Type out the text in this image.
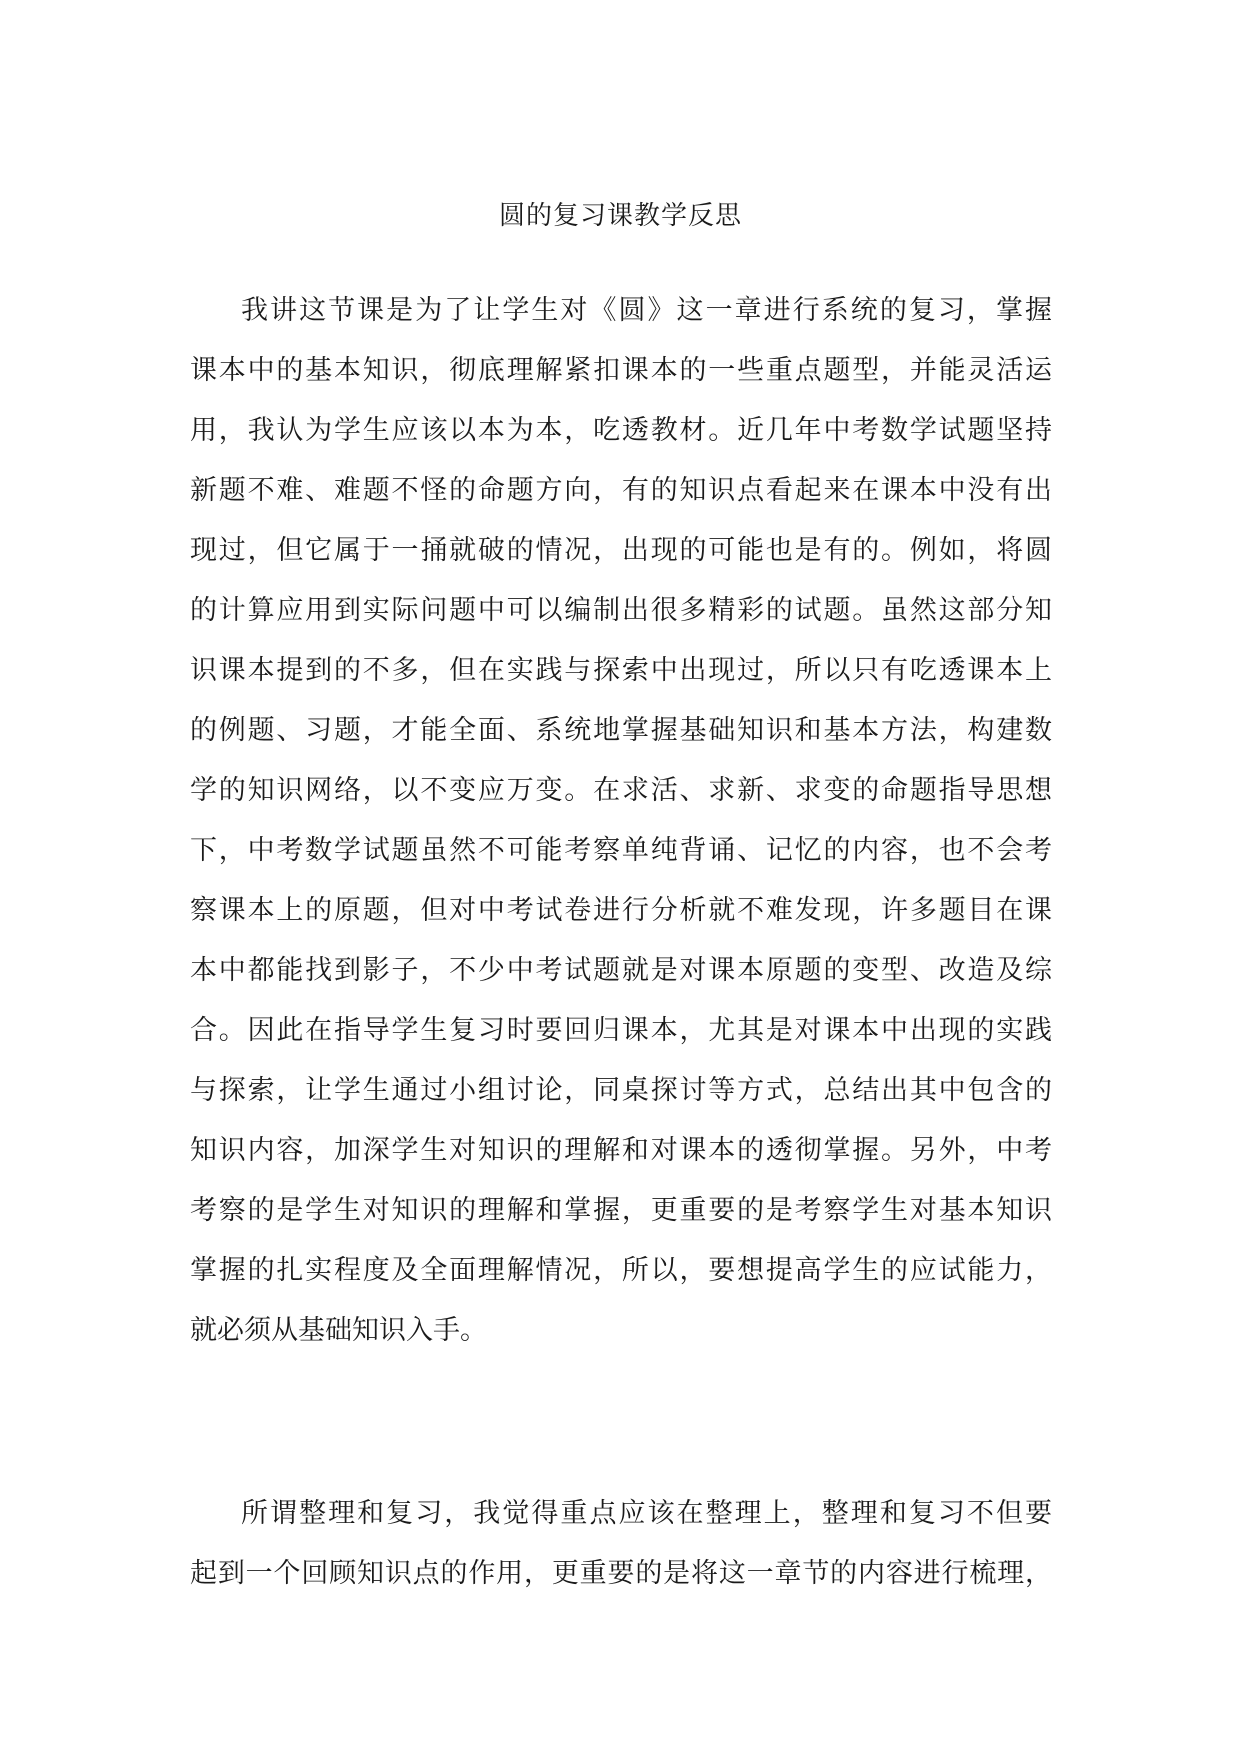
圆的复习课教学反思
我讲这节课是为了让学生对《圆》这一章进行系统的复习，掌握
课本中的基本知识，彻底理解紧扣课本的一些重点题型，并能灵活运
用，我认为学生应该以本为本，吃透教材。近几年中考数学试题坚持
新题不难、难题不怪的命题方向，有的知识点看起来在课本中没有出
现过，但它属于一捅就破的情况，出现的可能也是有的。例如，将圆
的计算应用到实际问题中可以编制出很多精彩的试题。虽然这部分知
识课本提到的不多，但在实践与探索中出现过，所以只有吃透课本上
的例题、习题，才能全面、系统地掌握基础知识和基本方法，构建数
学的知识网络，以不变应万变。在求活、求新、求变的命题指导思想
下，中考数学试题虽然不可能考察单纯背诵、记忆的内容，也不会考
察课本上的原题，但对中考试卷进行分析就不难发现，许多题目在课
本中都能找到影子，不少中考试题就是对课本原题的变型、改造及综
合。因此在指导学生复习时要回归课本，尤其是对课本中出现的实践
与探索，让学生通过小组讨论，同桌探讨等方式，总结出其中包含的
知识内容，加深学生对知识的理解和对课本的透彻掌握。另外，中考
考察的是学生对知识的理解和掌握，更重要的是考察学生对基本知识
掌握的扎实程度及全面理解情况，所以，要想提高学生的应试能力，
就必须从基础知识入手。
所谓整理和复习，我觉得重点应该在整理上，整理和复习不但要
起到一个回顾知识点的作用，更重要的是将这一章节的内容进行梳理，
